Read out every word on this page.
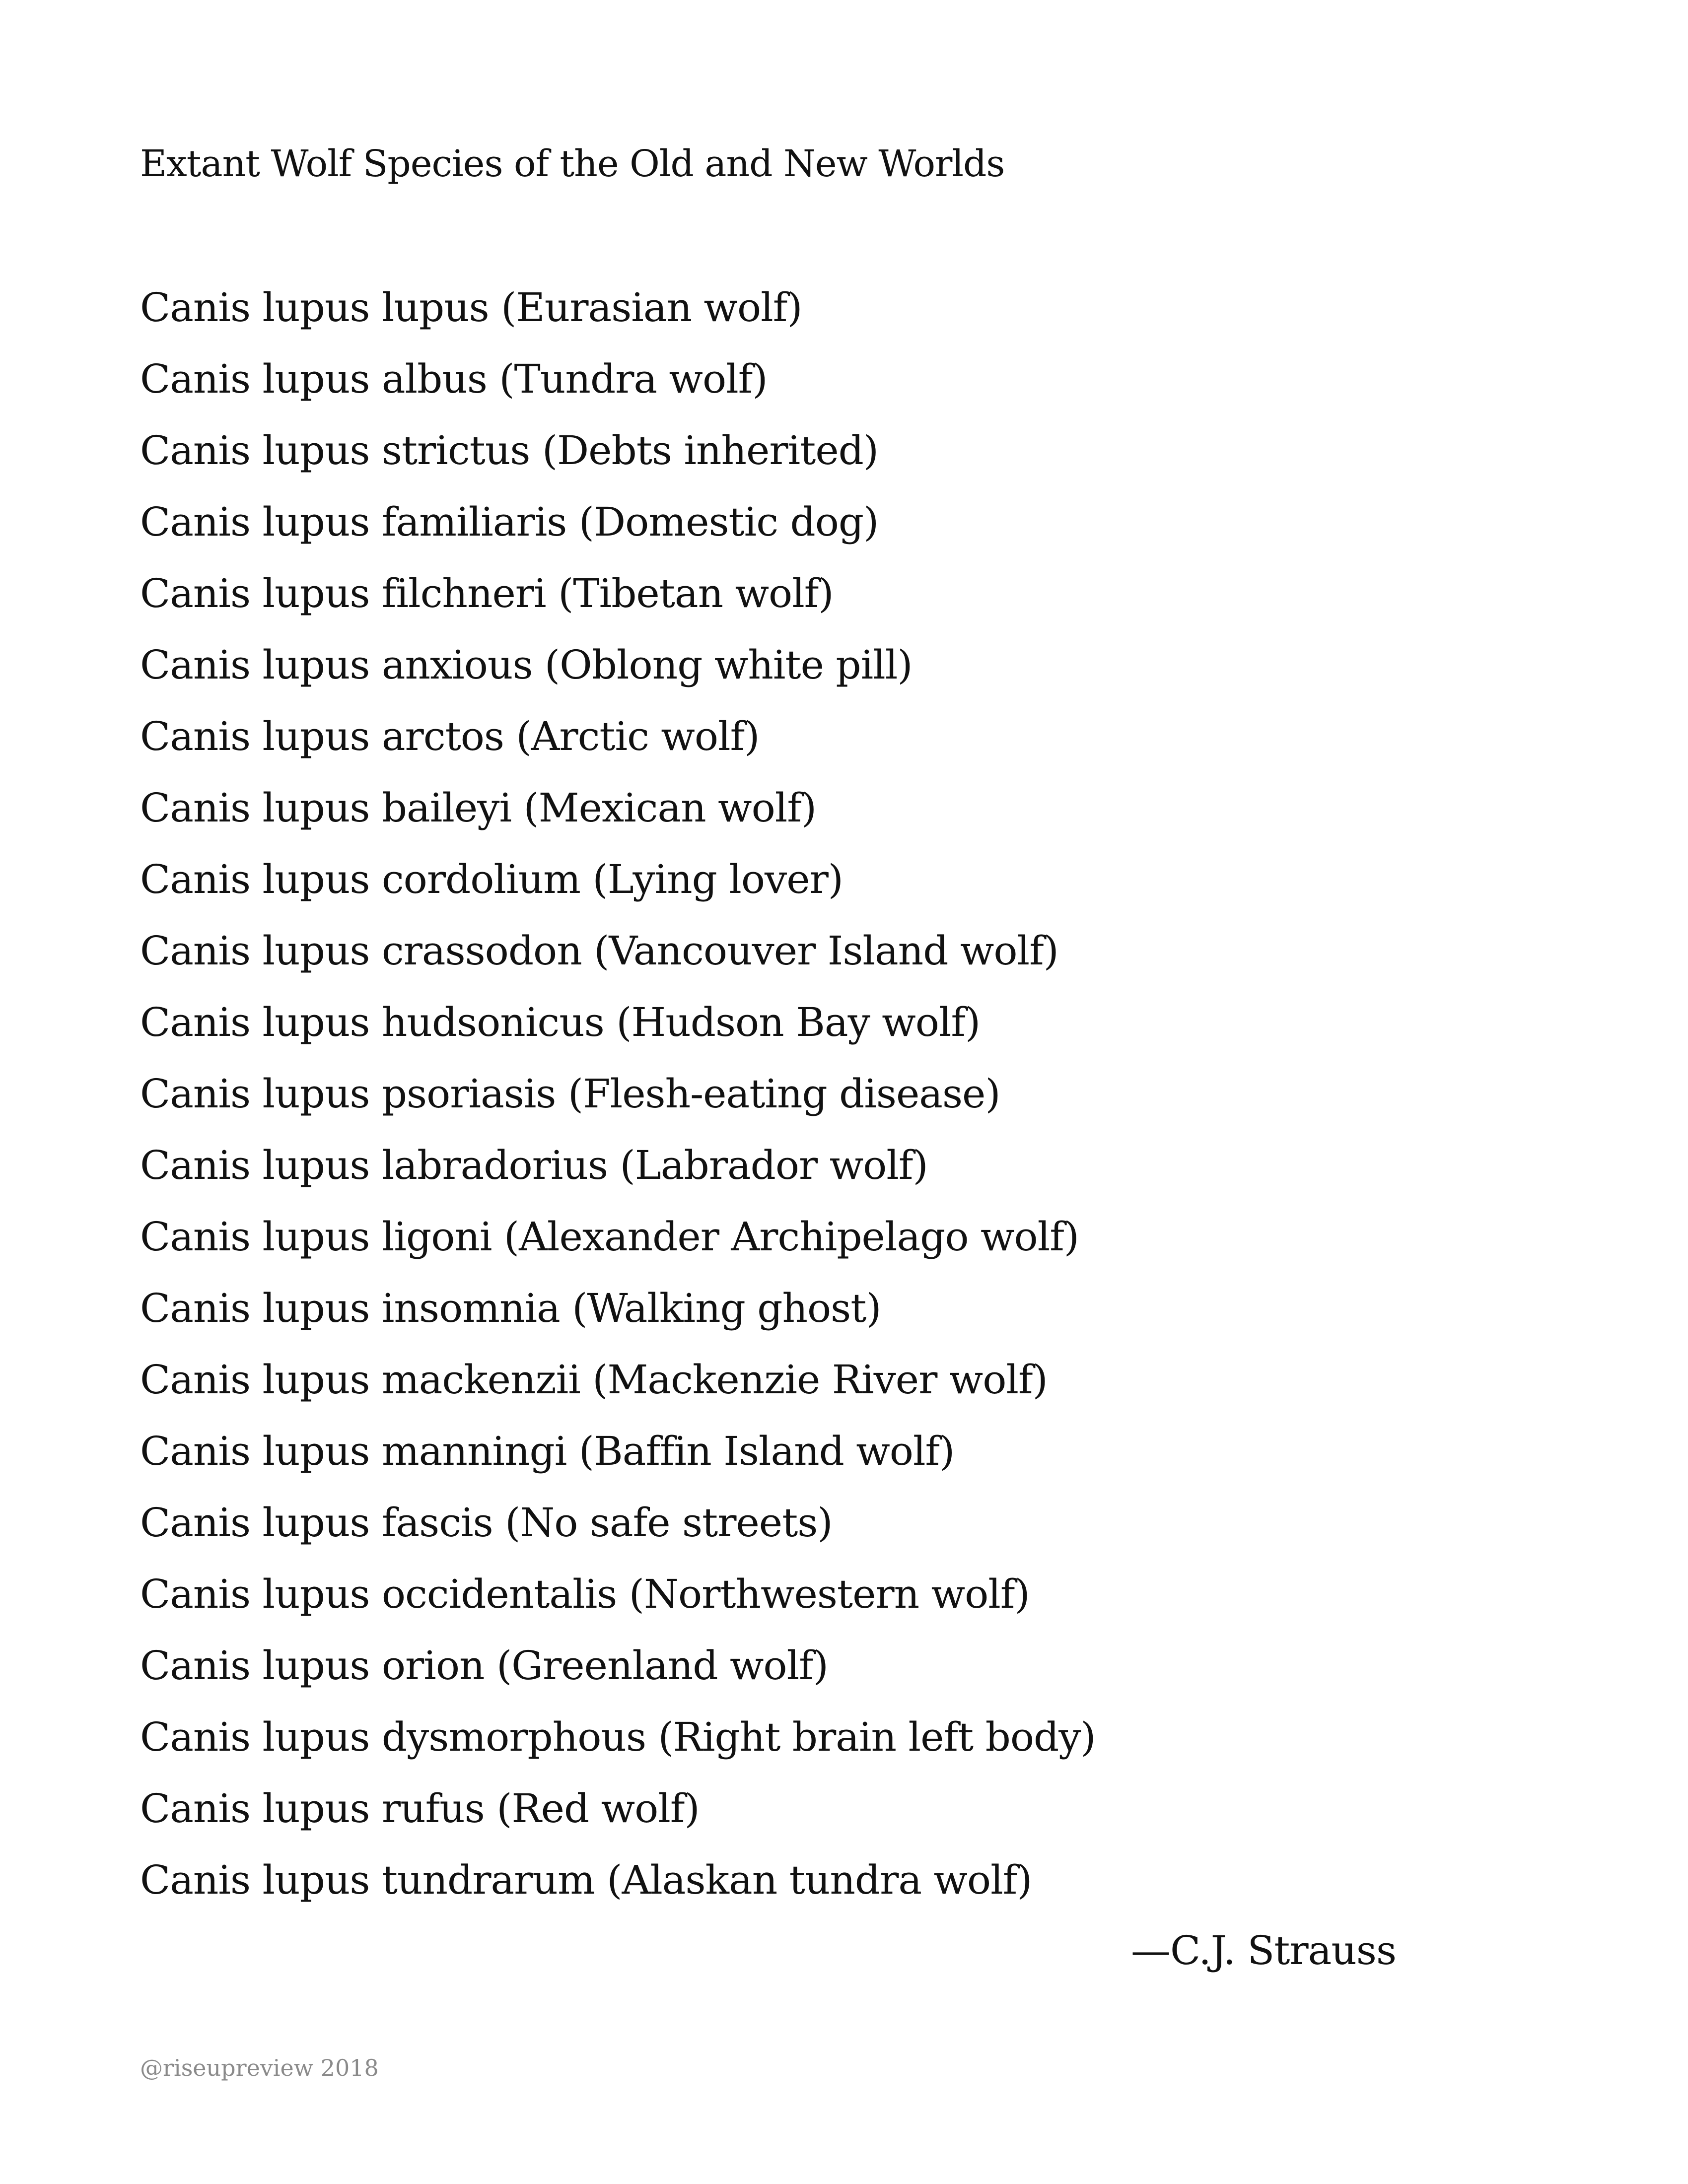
Extant Wolf Species of the Old and New Worlds
Canis lupus lupus (Eurasian wolf)
Canis lupus albus (Tundra wolf)
Canis lupus strictus (Debts inherited)
Canis lupus familiaris (Domestic dog)
Canis lupus filchneri (Tibetan wolf)
Canis lupus anxious (Oblong white pill)
Canis lupus arctos (Arctic wolf)
Canis lupus baileyi (Mexican wolf)
Canis lupus cordolium (Lying lover)
Canis lupus crassodon (Vancouver Island wolf)
Canis lupus hudsonicus (Hudson Bay wolf)
Canis lupus psoriasis (Flesh-eating disease)
Canis lupus labradorius (Labrador wolf)
Canis lupus ligoni (Alexander Archipelago wolf)
Canis lupus insomnia (Walking ghost)
Canis lupus mackenzii (Mackenzie River wolf)
Canis lupus manningi (Baffin Island wolf)
Canis lupus fascis (No safe streets)
Canis lupus occidentalis (Northwestern wolf)
Canis lupus orion (Greenland wolf)
Canis lupus dysmorphous (Right brain left body)
Canis lupus rufus (Red wolf)
Canis lupus tundrarum (Alaskan tundra wolf)
—C.J. Strauss
@riseupreview 2018
